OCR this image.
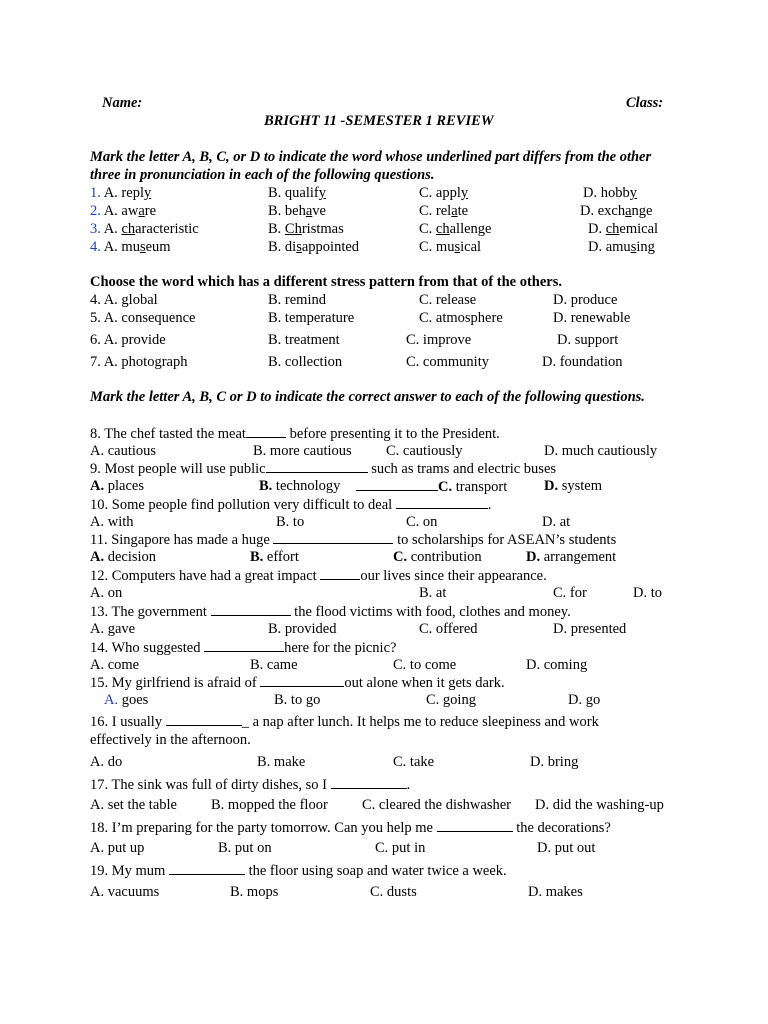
Name:	Class:
BRIGHT 11 -SEMESTER 1 REVIEW
Mark the letter A, B, C, or D to indicate the word whose underlined part differs from the other
three in pronunciation in each of the following questions.
1. A. reply	B. qualify	C. apply	D. hobby
2. A. aware	B. behave	C. relate	D. exchange
3. A. characteristic	B. Christmas	C. challenge	D. chemical
4. A. museum	B. disappointed	C. musical	D. amusing
Choose the word which has a different stress pattern from that of the others.
4. A. global	B. remind	C. release	D. produce
5. A. consequence	B. temperature	C. atmosphere	D. renewable
6. A. provide	B. treatment	C. improve	D. support
7. A. photograph	B. collection	C. community	D. foundation
Mark the letter A, B, C or D to indicate the correct answer to each of the following questions.
8. The chef tasted the meat	before presenting it to the President.
A. cautious	B. more cautious C. cautiously	D. much cautiously
9. Most people will use public	such as trams and electric buses
A. places	B. technology	C. transport	D. system
10. Some people find pollution very difficult to deal	.
A. with	B. to	C. on	D. at
11. Singapore has made a huge	to scholarships for ASEAN’s students
A. decision	B. effort	C. contribution	D. arrangement
12. Computers have had a great impact	our lives since their appearance.
A. on	B. at	C. for	D. to
13. The government	the flood victims with food, clothes and money.
A. gave	B. provided	C. offered	D. presented
14. Who suggested	here for the picnic?
A. come	B. came	C. to come	D. coming
15. My girlfriend is afraid of	out alone when it gets dark.
A. goes	B. to go	C. going	D. go
16. I usually	_ a nap after lunch. It helps me to reduce sleepiness and work
effectively in the afternoon.
A. do	B. make	C. take	D. bring
17. The sink was full of dirty dishes, so I	.
A. set the table B. mopped the floor C. cleared the dishwasher D. did the washing-up
18. I’m preparing for the party tomorrow. Can you help me	the decorations?
A. put up	B. put on	C. put in	D. put out
19. My mum	the floor using soap and water twice a week.
A. vacuums	B. mops	C. dusts	D. makes
